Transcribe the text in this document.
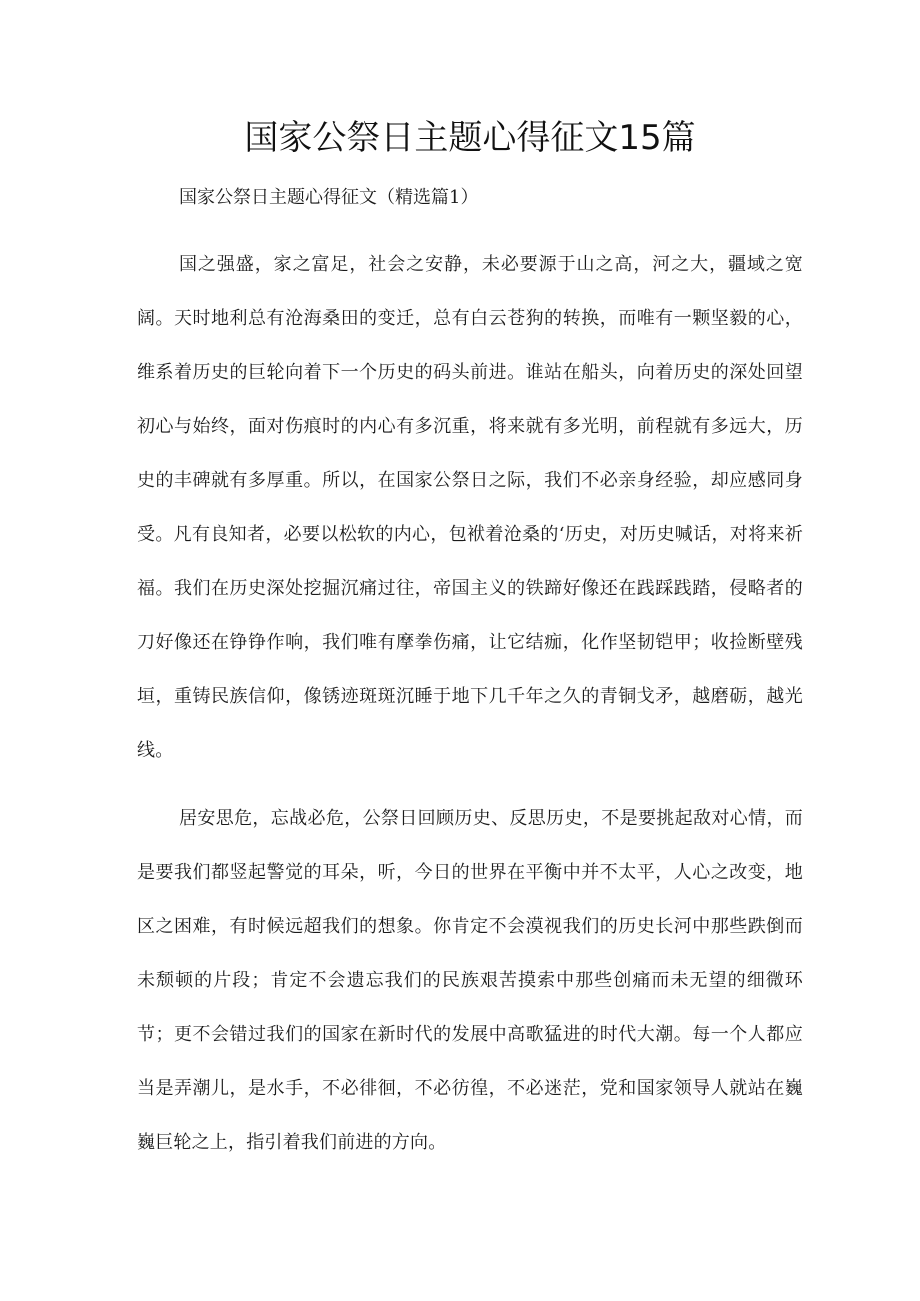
国家公祭日主题心得征文15篇

国家公祭日主题心得征文（精选篇1）

国之强盛，家之富足，社会之安静，未必要源于山之高，河之大，疆域之宽阔。天时地利总有沧海桑田的变迁，总有白云苍狗的转换，而唯有一颗坚毅的心，维系着历史的巨轮向着下一个历史的码头前进。谁站在船头，向着历史的深处回望初心与始终，面对伤痕时的内心有多沉重，将来就有多光明，前程就有多远大，历史的丰碑就有多厚重。所以，在国家公祭日之际，我们不必亲身经验，却应感同身受。凡有良知者，必要以松软的内心，包袱着沧桑的‘历史，对历史喊话，对将来祈福。我们在历史深处挖掘沉痛过往，帝国主义的铁蹄好像还在践踩践踏，侵略者的刀好像还在铮铮作响，我们唯有摩拳伤痛，让它结痂，化作坚韧铠甲；收捡断壁残垣，重铸民族信仰，像锈迹斑斑沉睡于地下几千年之久的青铜戈矛，越磨砺，越光线。

居安思危，忘战必危，公祭日回顾历史、反思历史，不是要挑起敌对心情，而是要我们都竖起警觉的耳朵，听，今日的世界在平衡中并不太平，人心之改变，地区之困难，有时候远超我们的想象。你肯定不会漠视我们的历史长河中那些跌倒而未颓顿的片段；肯定不会遗忘我们的民族艰苦摸索中那些创痛而未无望的细微环节；更不会错过我们的国家在新时代的发展中高歌猛进的时代大潮。每一个人都应当是弄潮儿，是水手，不必徘徊，不必彷徨，不必迷茫，党和国家领导人就站在巍巍巨轮之上，指引着我们前进的方向。
